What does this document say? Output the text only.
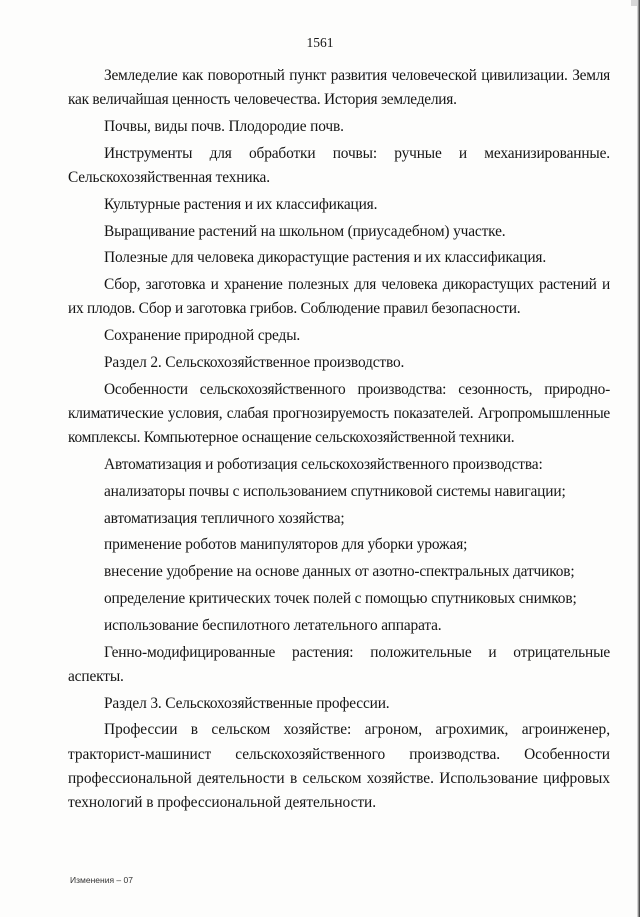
1561

Земледелие как поворотный пункт развития человеческой цивилизации. Земля как величайшая ценность человечества. История земледелия.

Почвы, виды почв. Плодородие почв.

Инструменты для обработки почвы: ручные и механизированные. Сельскохозяйственная техника.

Культурные растения и их классификация.

Выращивание растений на школьном (приусадебном) участке.

Полезные для человека дикорастущие растения и их классификация.

Сбор, заготовка и хранение полезных для человека дикорастущих растений и их плодов. Сбор и заготовка грибов. Соблюдение правил безопасности.

Сохранение природной среды.

Раздел 2. Сельскохозяйственное производство.

Особенности сельскохозяйственного производства: сезонность, природно-климатические условия, слабая прогнозируемость показателей. Агропромышленные комплексы. Компьютерное оснащение сельскохозяйственной техники.

Автоматизация и роботизация сельскохозяйственного производства:

анализаторы почвы с использованием спутниковой системы навигации;

автоматизация тепличного хозяйства;

применение роботов манипуляторов для уборки урожая;

внесение удобрение на основе данных от азотно-спектральных датчиков;

определение критических точек полей с помощью спутниковых снимков;

использование беспилотного летательного аппарата.

Генно-модифицированные растения: положительные и отрицательные аспекты.

Раздел 3. Сельскохозяйственные профессии.

Профессии в сельском хозяйстве: агроном, агрохимик, агроинженер, тракторист-машинист сельскохозяйственного производства. Особенности профессиональной деятельности в сельском хозяйстве. Использование цифровых технологий в профессиональной деятельности.

Изменения – 07
